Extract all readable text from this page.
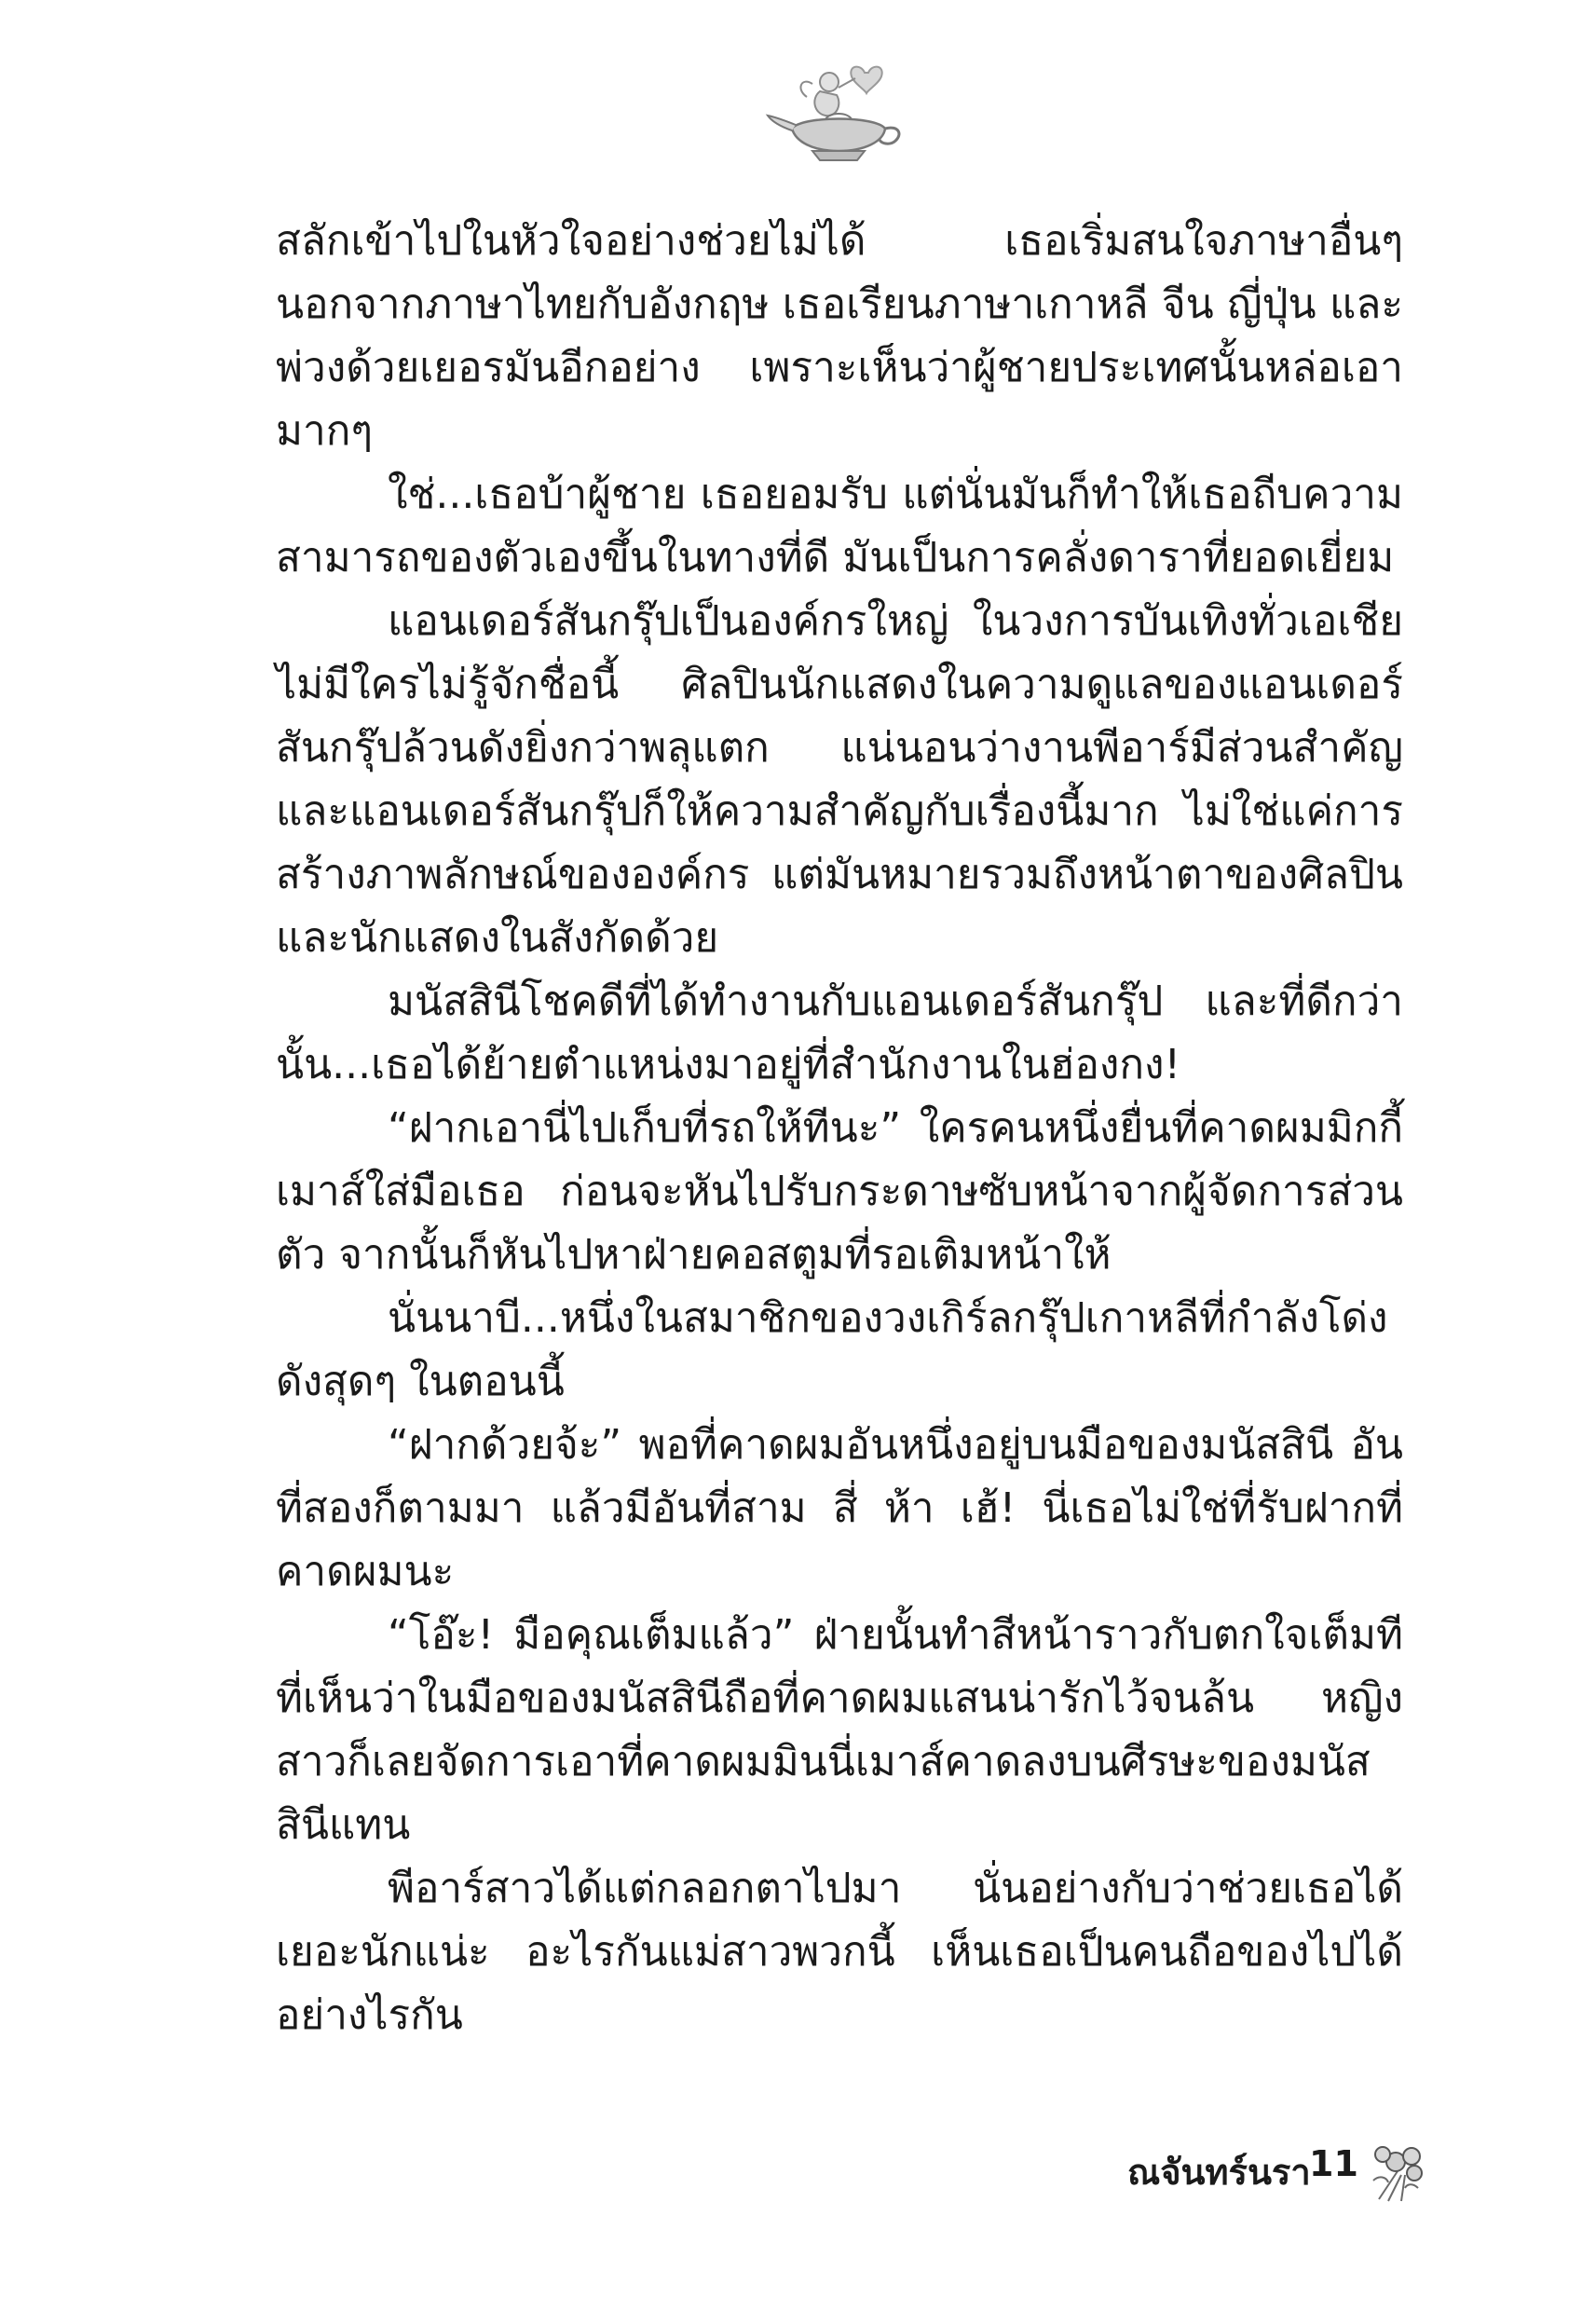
สลักเข้าไปในหัวใจอย่างช่วยไม่ได้ เธอเริ่มสนใจภาษาอื่นๆ นอกจากภาษาไทยกับอังกฤษ เธอเรียนภาษาเกาหลี จีน ญี่ปุ่น และพ่วงด้วยเยอรมันอีกอย่าง เพราะเห็นว่าผู้ชายประเทศนั้นหล่อเอามากๆ

ใช่...เธอบ้าผู้ชาย เธอยอมรับ แต่นั่นมันก็ทำให้เธอถีบความสามารถของตัวเองขึ้นในทางที่ดี มันเป็นการคลั่งดาราที่ยอดเยี่ยม

แอนเดอร์สันกรุ๊ปเป็นองค์กรใหญ่ ในวงการบันเทิงทั่วเอเชียไม่มีใครไม่รู้จักชื่อนี้ ศิลปินนักแสดงในความดูแลของแอนเดอร์สันกรุ๊ปล้วนดังยิ่งกว่าพลุแตก แน่นอนว่างานพีอาร์มีส่วนสำคัญ และแอนเดอร์สันกรุ๊ปก็ให้ความสำคัญกับเรื่องนี้มาก ไม่ใช่แค่การสร้างภาพลักษณ์ขององค์กร แต่มันหมายรวมถึงหน้าตาของศิลปินและนักแสดงในสังกัดด้วย

มนัสสินีโชคดีที่ได้ทำงานกับแอนเดอร์สันกรุ๊ป และที่ดีกว่านั้น...เธอได้ย้ายตำแหน่งมาอยู่ที่สำนักงานในฮ่องกง!

“ฝากเอานี่ไปเก็บที่รถให้ทีนะ” ใครคนหนึ่งยื่นที่คาดผมมิกกี้เมาส์ใส่มือเธอ ก่อนจะหันไปรับกระดาษซับหน้าจากผู้จัดการส่วนตัว จากนั้นก็หันไปหาฝ่ายคอสตูมที่รอเติมหน้าให้

นั่นนาบี...หนึ่งในสมาชิกของวงเกิร์ลกรุ๊ปเกาหลีที่กำลังโด่งดังสุดๆ ในตอนนี้

“ฝากด้วยจ้ะ” พอที่คาดผมอันหนึ่งอยู่บนมือของมนัสสินี อันที่สองก็ตามมา แล้วมีอันที่สาม สี่ ห้า เฮ้! นี่เธอไม่ใช่ที่รับฝากที่คาดผมนะ

“โอ๊ะ! มือคุณเต็มแล้ว” ฝ่ายนั้นทำสีหน้าราวกับตกใจเต็มทีที่เห็นว่าในมือของมนัสสินีถือที่คาดผมแสนน่ารักไว้จนล้น หญิงสาวก็เลยจัดการเอาที่คาดผมมินนี่เมาส์คาดลงบนศีรษะของมนัสสินีแทน

พีอาร์สาวได้แต่กลอกตาไปมา นั่นอย่างกับว่าช่วยเธอได้เยอะนักแน่ะ อะไรกันแม่สาวพวกนี้ เห็นเธอเป็นคนถือของไปได้อย่างไรกัน

ณจันทร์นรา
11
